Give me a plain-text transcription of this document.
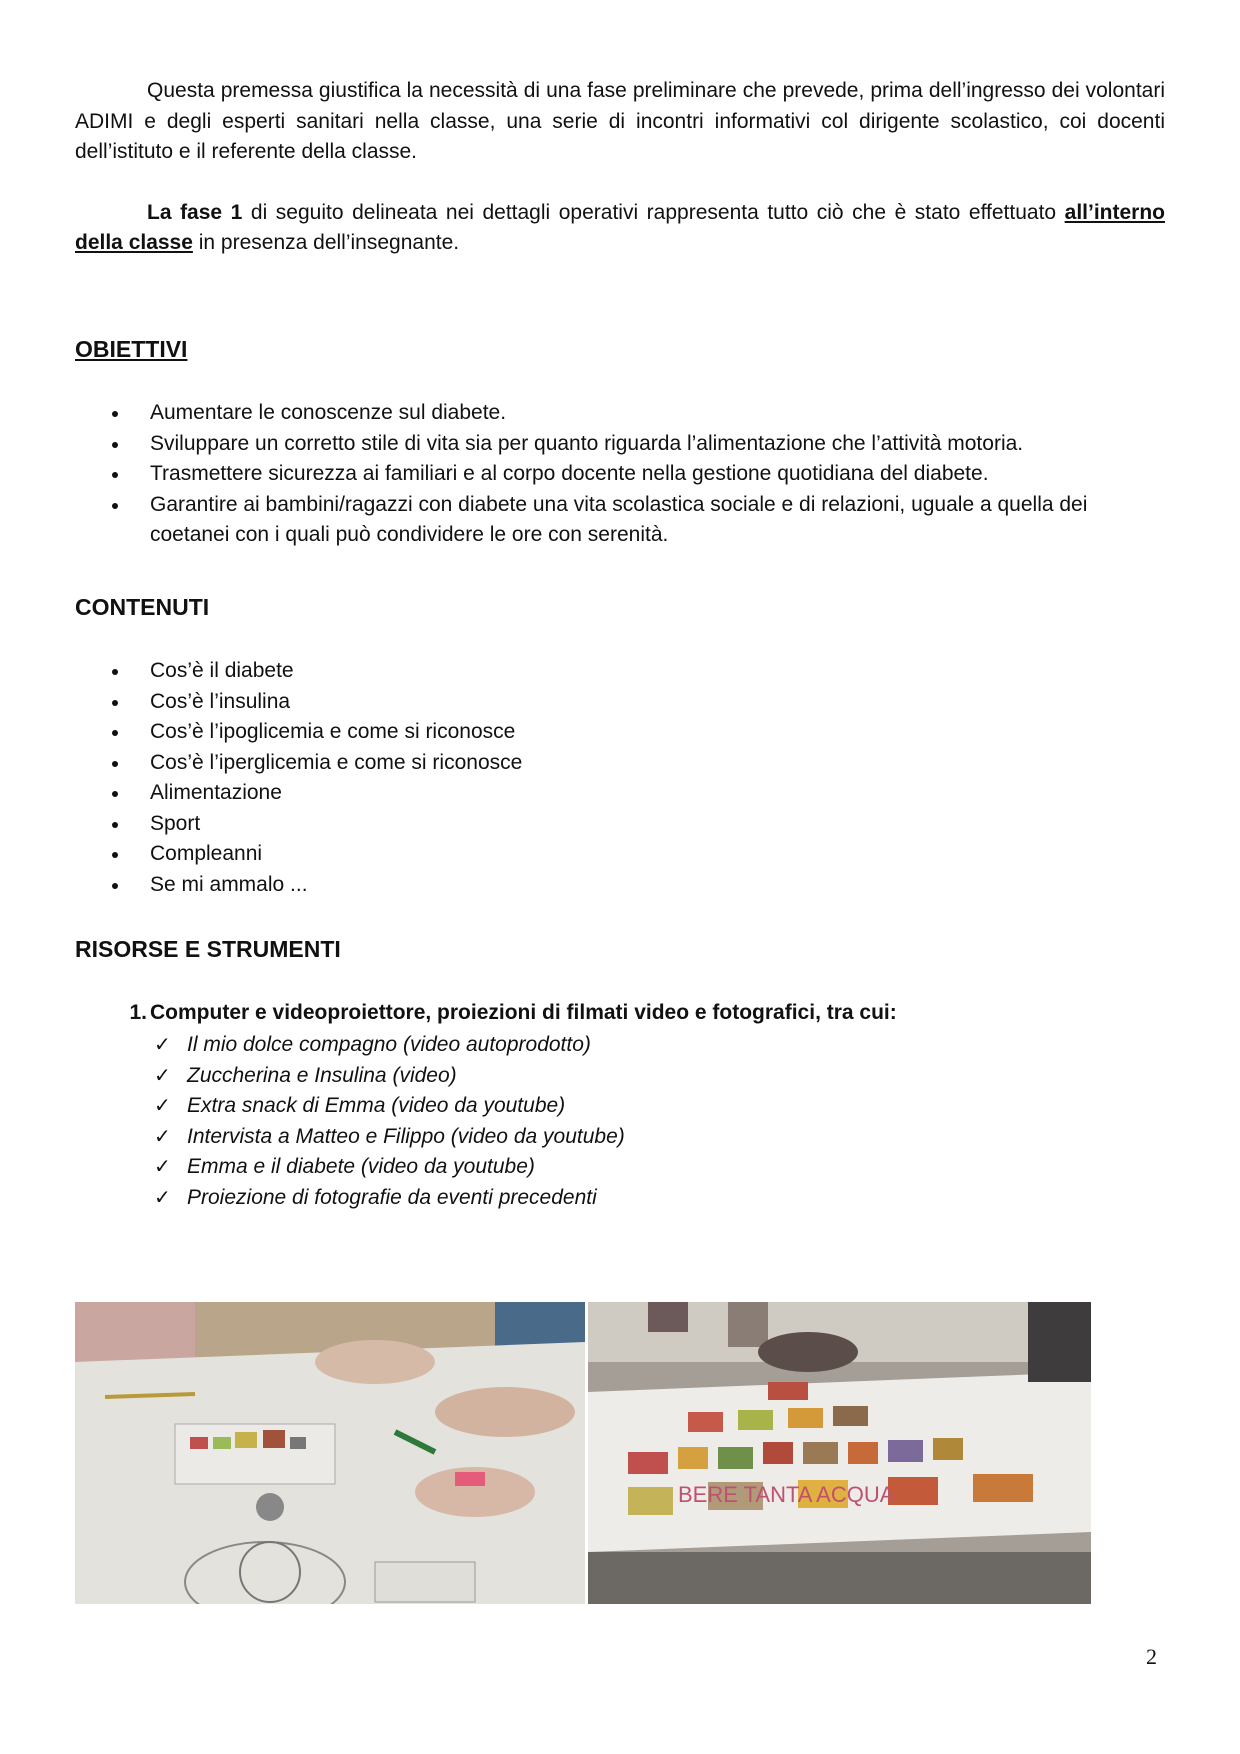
Questa premessa giustifica la necessità di una fase preliminare che prevede, prima dell’ingresso dei volontari ADIMI e degli esperti sanitari nella classe, una serie di incontri informativi col dirigente scolastico, coi docenti dell’istituto e il referente della classe.

La fase 1 di seguito delineata nei dettagli operativi rappresenta tutto ciò che è stato effettuato all’interno della classe in presenza dell’insegnante.

OBIETTIVI
Aumentare le conoscenze sul diabete.
Sviluppare un corretto stile di vita sia per quanto riguarda l’alimentazione che l’attività motoria.
Trasmettere sicurezza ai familiari e al corpo docente nella gestione quotidiana del diabete.
Garantire ai bambini/ragazzi con diabete una vita scolastica sociale e di relazioni, uguale a quella dei coetanei con i quali può condividere le ore con serenità.
CONTENUTI
Cos’è il diabete
Cos’è l’insulina
Cos’è l’ipoglicemia e come si riconosce
Cos’è l’iperglicemia e come si riconosce
Alimentazione
Sport
Compleanni
Se mi ammalo ...
RISORSE E STRUMENTI
1. Computer e videoproiettore, proiezioni di filmati video e fotografici, tra cui:
✓ Il mio dolce compagno (video autoprodotto)
✓ Zuccherina e Insulina (video)
✓ Extra snack di Emma (video da youtube)
✓ Intervista a Matteo e Filippo (video da youtube)
✓ Emma e il diabete (video da youtube)
✓ Proiezione di fotografie da eventi precedenti
BERE TANTA ACQUA
2
